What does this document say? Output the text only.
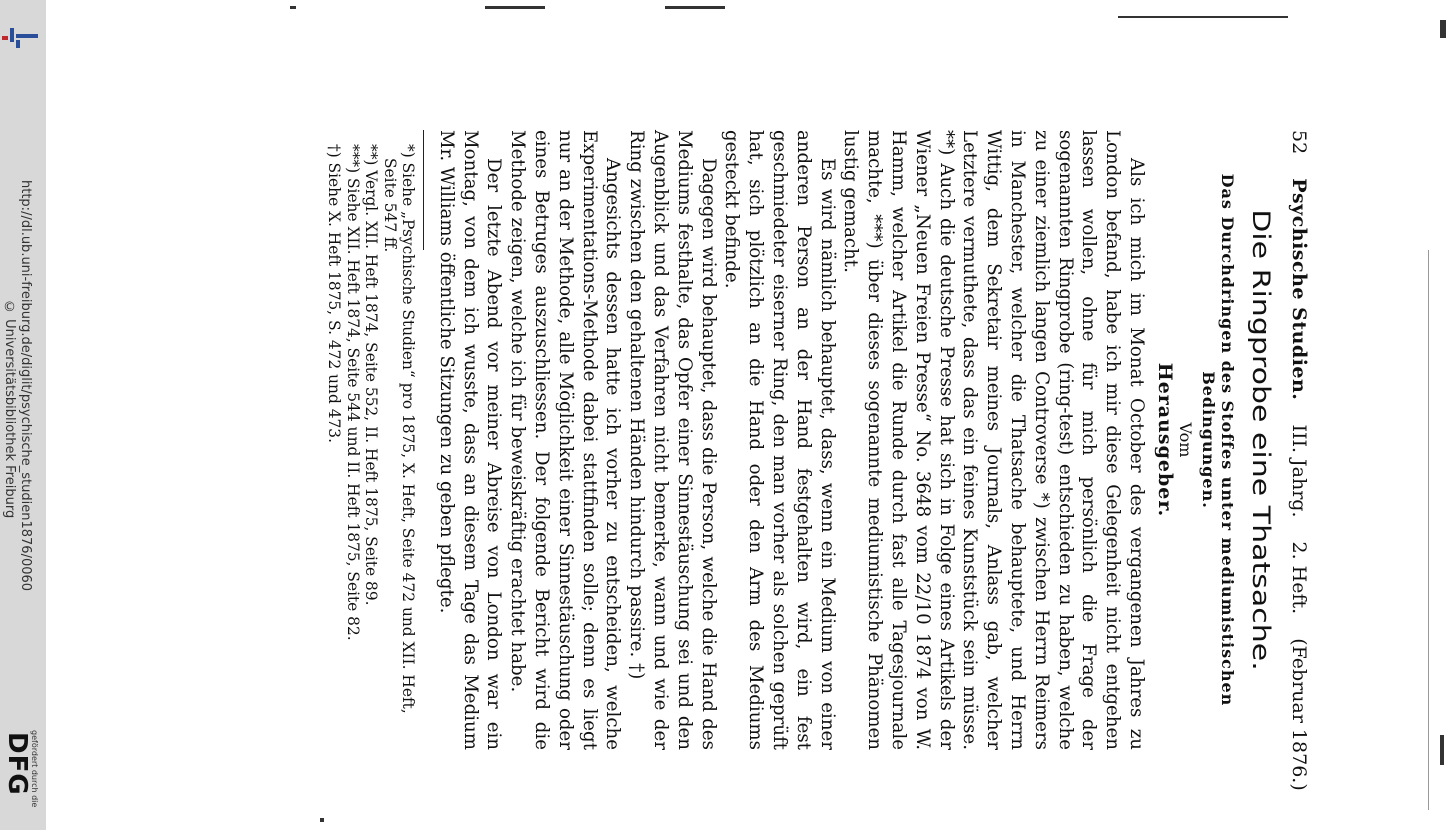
http://dl.ub.uni-freiburg.de/diglit/psychische_studien1876/0060
© Universitätsbibliothek Freiburg
gefördert durch die
DFG
52
Psychische Studien.
III. Jahrg.
2. Heft.
(Februar 1876.)
Die Ringprobe eine Thatsache.
Das Durchdringen des Stoffes unter mediumistischen Bedingungen.
Vom
Herausgeber.

Als ich mich im Monat October des vergangenen Jahres zu London befand, habe ich mir diese Gelegenheit nicht entgehen lassen wollen, ohne für mich persönlich die Frage der sogenannten Ringprobe (ring-test) entschieden zu haben, welche zu einer ziemlich langen Controverse *) zwischen Herrn Reimers in Manchester, welcher die Thatsache behauptete, und Herrn Wittig, dem Sekretair meines Journals, Anlass gab, welcher Letztere vermuthete, dass das ein feines Kunststück sein müsse. **) Auch die deutsche Presse hat sich in Folge eines Artikels der Wiener „Neuen Freien Presse“ No. 3648 vom 22/10 1874 von W. Hamm, welcher Artikel die Runde durch fast alle Tagesjournale machte, ***) über dieses sogenannte mediumistische Phänomen lustig gemacht.

Es wird nämlich behauptet, dass, wenn ein Medium von einer anderen Person an der Hand festgehalten wird, ein fest geschmiedeter eiserner Ring, den man vorher als solchen geprüft hat, sich plötzlich an die Hand oder den Arm des Mediums gesteckt befinde.

Dagegen wird behauptet, dass die Person, welche die Hand des Mediums festhalte, das Opfer einer Sinnestäuschung sei und den Augenblick und das Verfahren nicht bemerke, wann und wie der Ring zwischen den gehaltenen Händen hindurch passire. †)

Angesichts dessen hatte ich vorher zu entscheiden, welche Experimentations-Methode dabei stattfinden solle; denn es liegt nur an der Methode, alle Möglichkeit einer Sinnestäuschung oder eines Betruges auszuschliessen. Der folgende Bericht wird die Methode zeigen, welche ich für beweiskräftig erachtet habe.

Der letzte Abend vor meiner Abreise von London war ein Montag, von dem ich wusste, dass an diesem Tage das Medium Mr. Williams öffentliche Sitzungen zu geben pflegte.

*) Siehe „Psychische Studien“ pro 1875, X. Heft, Seite 472 und XII. Heft, Seite 547 ff.

**) Vergl. XII. Heft 1874, Seite 552, II. Heft 1875, Seite 89.

***) Siehe XII. Heft 1874, Seite 544 und II. Heft 1875, Seite 82.

†) Siehe X. Heft 1875, S. 472 und 473.
